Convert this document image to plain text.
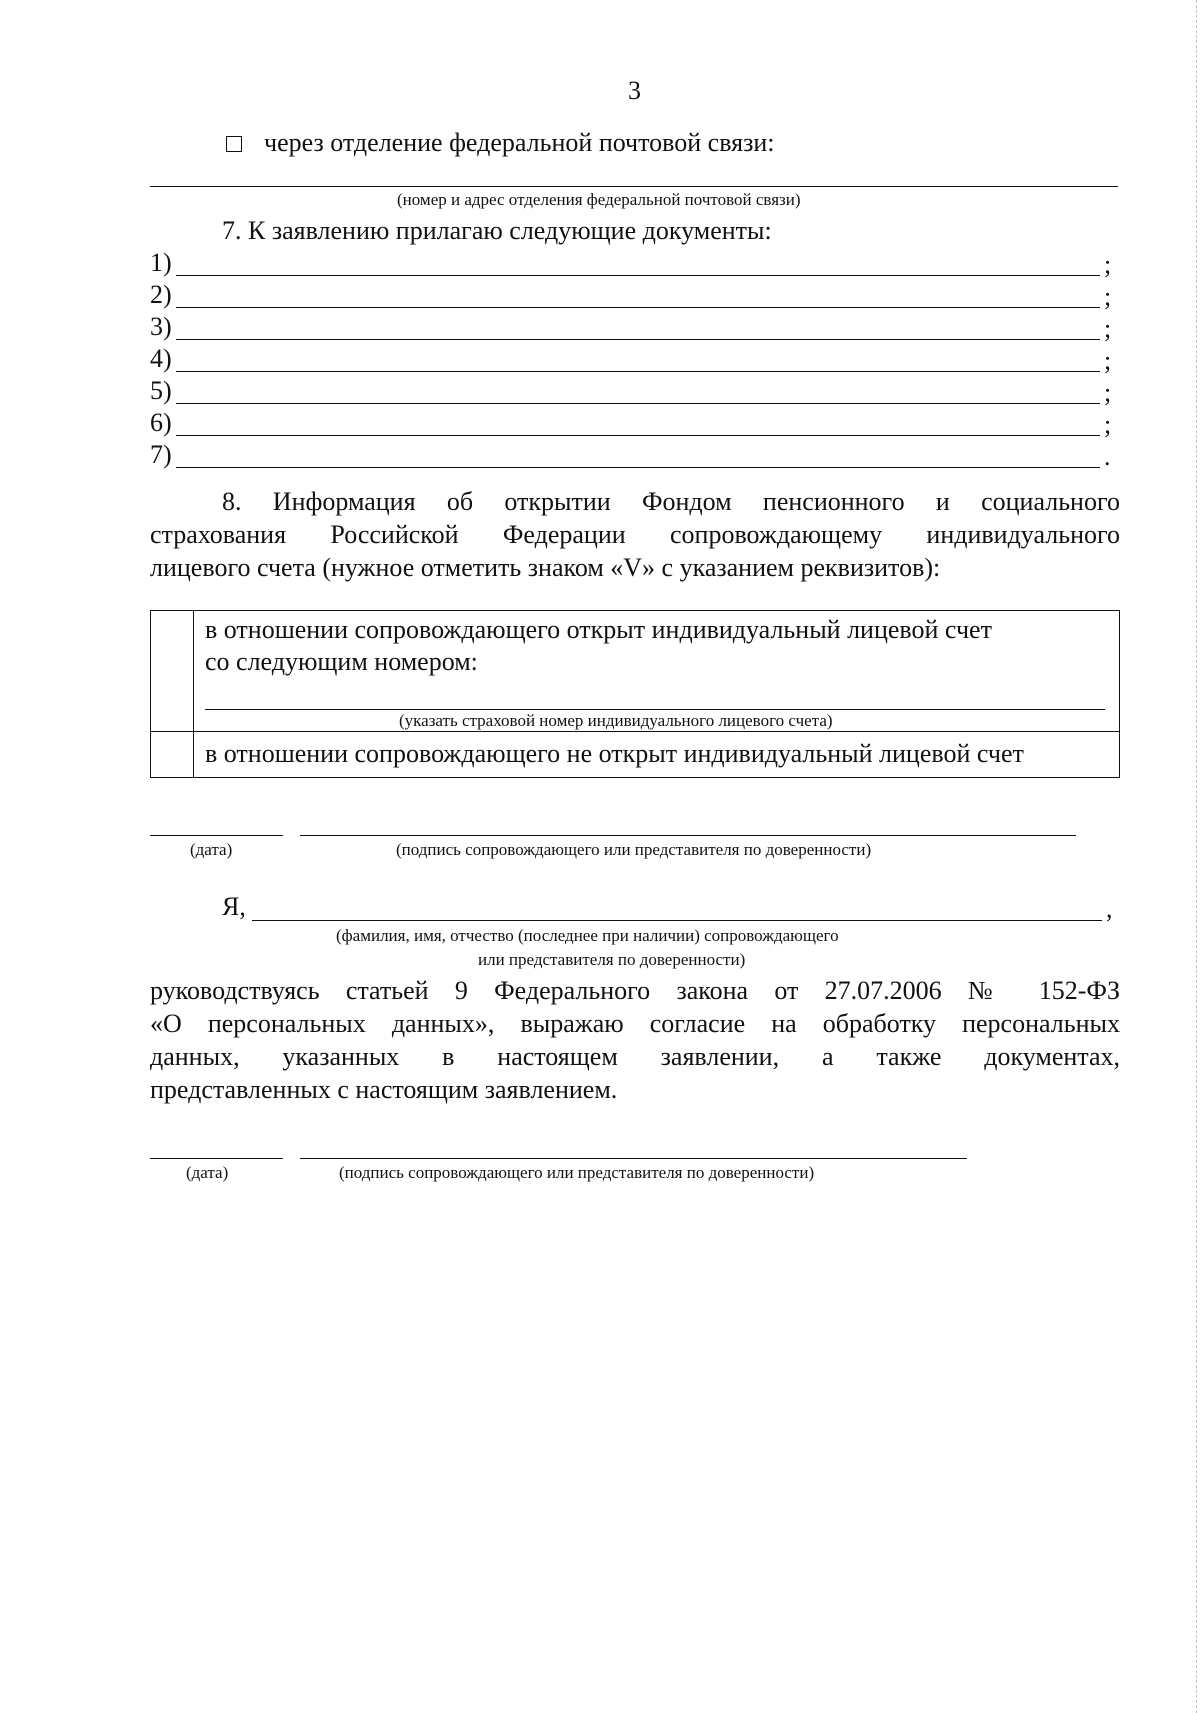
3
через отделение федеральной почтовой связи:
(номер и адрес отделения федеральной почтовой связи)
7. К заявлению прилагаю следующие документы:
1)	;
2)	;
3)	;
4)	;
5)	;
6)	;
7)	.
8. Информация об открытии Фондом пенсионного и социального
страхования Российской Федерации сопровождающему индивидуального
лицевого счета (нужное отметить знаком «V» с указанием реквизитов):
в отношении сопровождающего открыт индивидуальный лицевой счет
со следующим номером:
(указать страховой номер индивидуального лицевого счета)
в отношении сопровождающего не открыт индивидуальный лицевой счет
(дата)	(подпись сопровождающего или представителя по доверенности)
Я,	,
(фамилия, имя, отчество (последнее при наличии) сопровождающего
или представителя по доверенности)
руководствуясь статьей 9 Федерального закона от 27.07.2006 № 152-ФЗ
«О персональных данных», выражаю согласие на обработку персональных
данных, указанных в настоящем заявлении, а также документах,
представленных с настоящим заявлением.
(дата)	(подпись сопровождающего или представителя по доверенности)
